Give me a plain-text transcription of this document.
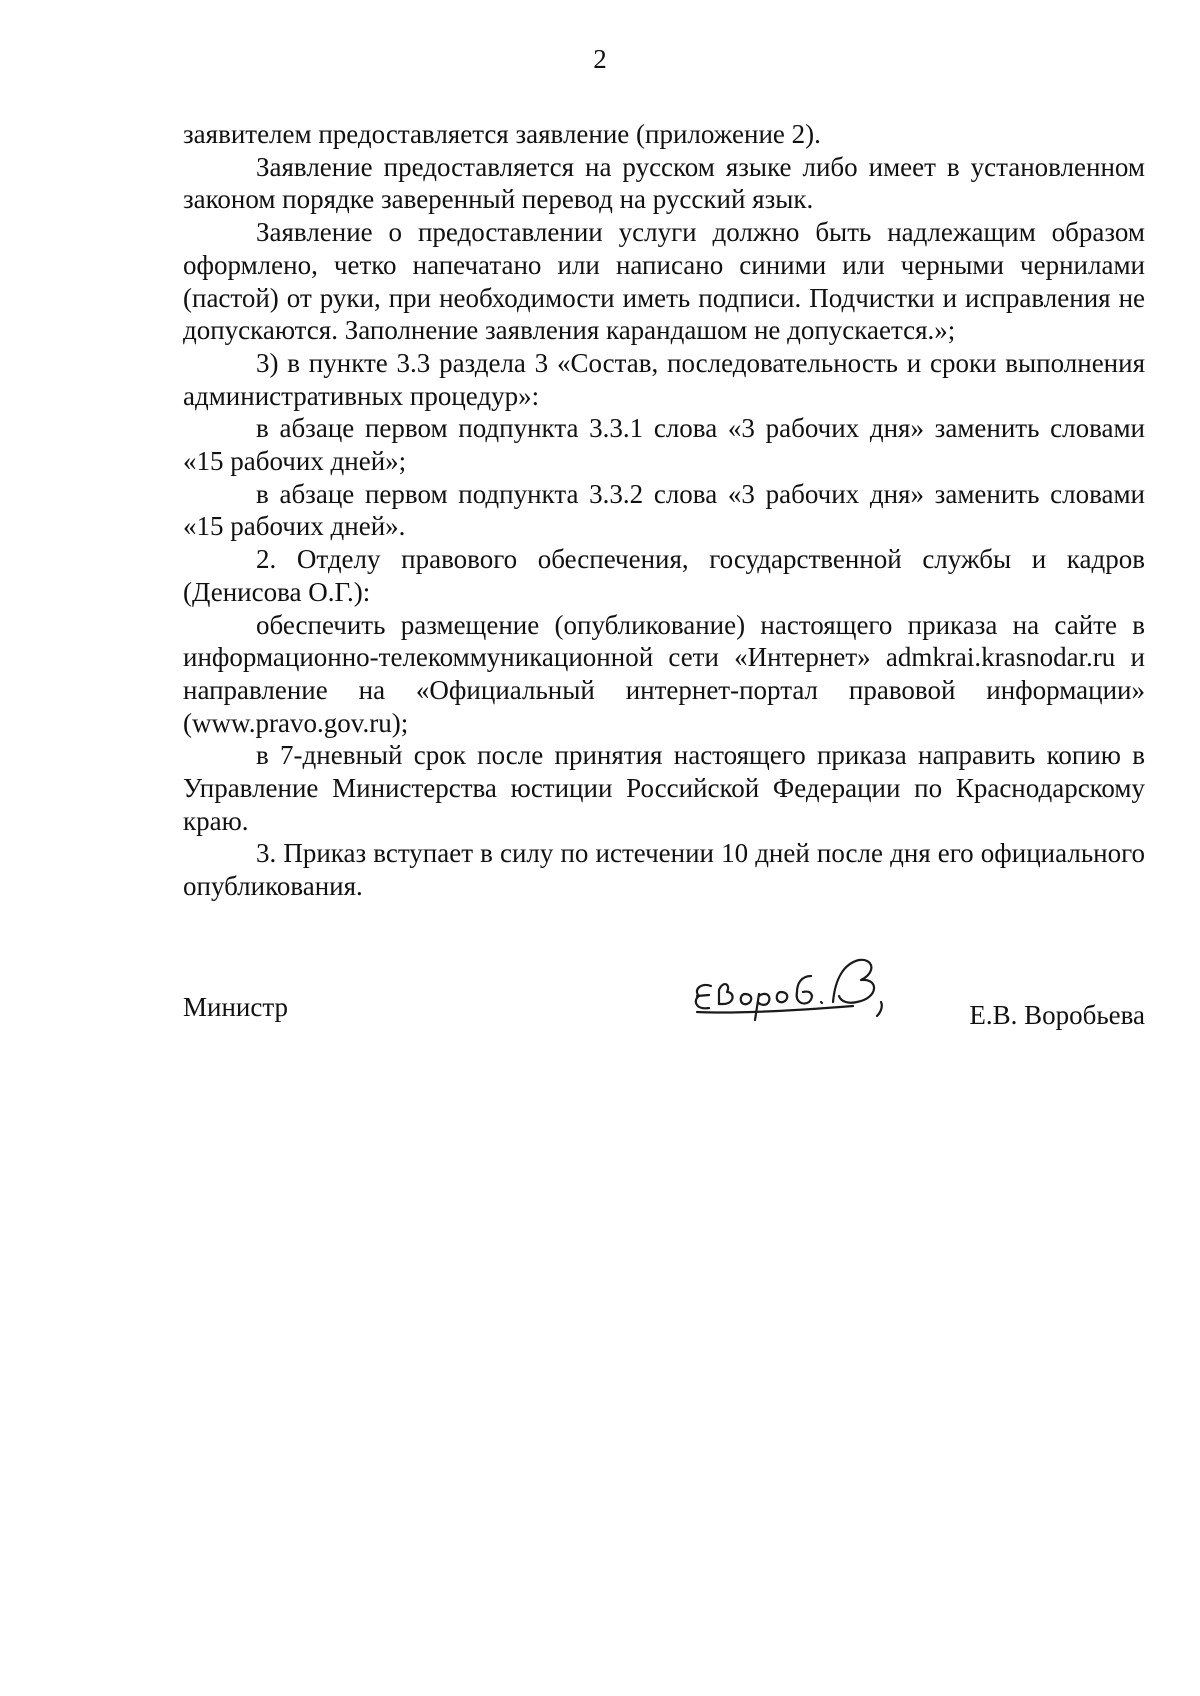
2

заявителем предоставляется заявление (приложение 2).

Заявление предоставляется на русском языке либо имеет в установленном законом порядке заверенный перевод на русский язык.

Заявление о предоставлении услуги должно быть надлежащим образом оформлено, четко напечатано или написано синими или черными чернилами (пастой) от руки, при необходимости иметь подписи. Подчистки и исправления не допускаются. Заполнение заявления карандашом не допускается.»;

3) в пункте 3.3 раздела 3 «Состав, последовательность и сроки выполнения административных процедур»:

в абзаце первом подпункта 3.3.1 слова «3 рабочих дня» заменить словами «15 рабочих дней»;

в абзаце первом подпункта 3.3.2 слова «3 рабочих дня» заменить словами «15 рабочих дней».

2. Отделу правового обеспечения, государственной службы и кадров (Денисова О.Г.):

обеспечить размещение (опубликование) настоящего приказа на сайте в информационно-телекоммуникационной сети «Интернет» admkrai.krasnodar.ru и направление на «Официальный интернет-портал правовой информации» (www.pravo.gov.ru);

в 7-дневный срок после принятия настоящего приказа направить копию в Управление Министерства юстиции Российской Федерации по Краснодарскому краю.

3. Приказ вступает в силу по истечении 10 дней после дня его официального опубликования.

Министр
Евороб.в,
Е.В. Воробьева
